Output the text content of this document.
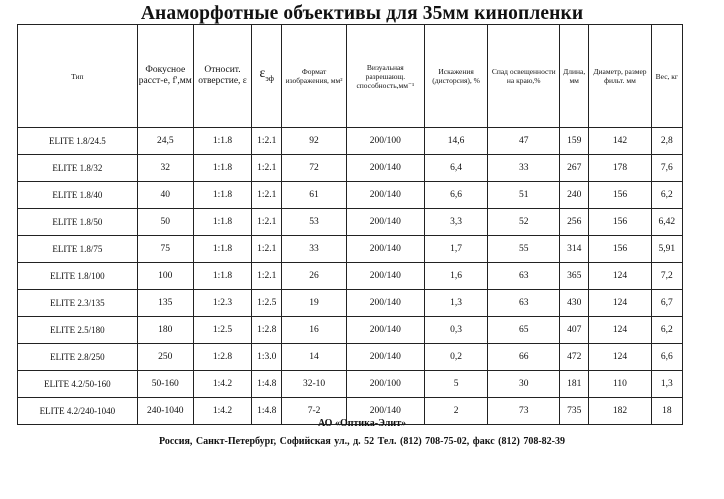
Анаморфотные объективы для 35мм кинопленки
Тип	Фокусное расст-е, f',мм	Относит. отверстие, ε	$\varepsilon_{эф}$	Формат изображения, мм²	Визуальная разрешающ. способность,мм⁻¹	Искажения (дисторсия), %	Спад освещенности на краю,%	Длина, мм	Диаметр, размер фильт. мм	Вес, кг
ELITE 1.8/24.5	24,5	1:1.8	1:2.1	92	200/100	14,6	47	159	142	2,8
ELITE 1.8/32	32	1:1.8	1:2.1	72	200/140	6,4	33	267	178	7,6
ELITE 1.8/40	40	1:1.8	1:2.1	61	200/140	6,6	51	240	156	6,2
ELITE 1.8/50	50	1:1.8	1:2.1	53	200/140	3,3	52	256	156	6,42
ELITE 1.8/75	75	1:1.8	1:2.1	33	200/140	1,7	55	314	156	5,91
ELITE 1.8/100	100	1:1.8	1:2.1	26	200/140	1,6	63	365	124	7,2
ELITE 2.3/135	135	1:2.3	1:2.5	19	200/140	1,3	63	430	124	6,7
ELITE 2.5/180	180	1:2.5	1:2.8	16	200/140	0,3	65	407	124	6,2
ELITE 2.8/250	250	1:2.8	1:3.0	14	200/140	0,2	66	472	124	6,6
ELITE 4.2/50-160	50-160	1:4.2	1:4.8	32-10	200/100	5	30	181	110	1,3
ELITE 4.2/240-1040	240-1040	1:4.2	1:4.8	7-2	200/140	2	73	735	182	18
АО «Оптика-Элит»
Россия, Санкт-Петербург, Софийская ул., д. 52 Тел. (812) 708-75-02, факс (812) 708-82-39
